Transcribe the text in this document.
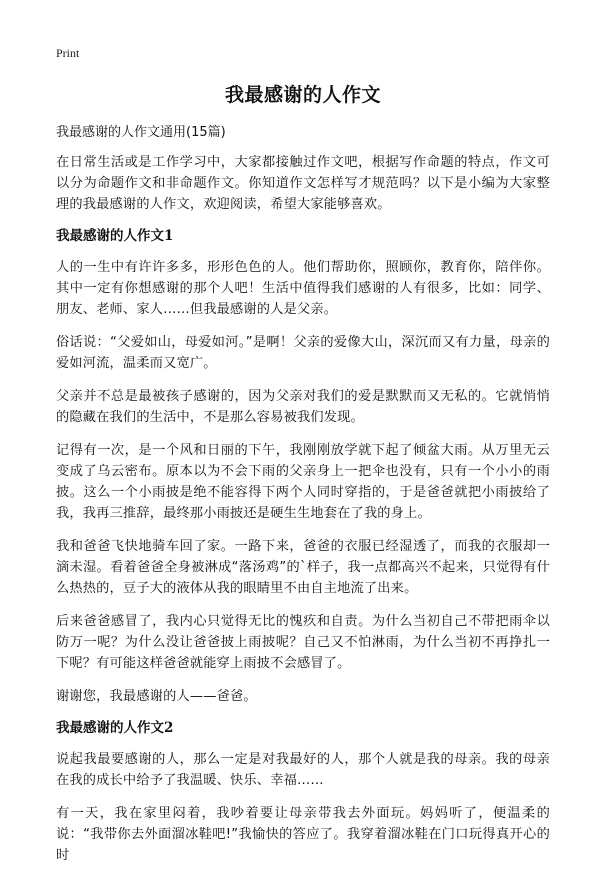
Print
我最感谢的人作文

我最感谢的人作文通用(15篇)

在日常生活或是工作学习中，大家都接触过作文吧，根据写作命题的特点，作文可以分为命题作文和非命题作文。你知道作文怎样写才规范吗？以下是小编为大家整理的我最感谢的人作文，欢迎阅读，希望大家能够喜欢。

我最感谢的人作文1

人的一生中有许许多多，形形色色的人。他们帮助你，照顾你，教育你，陪伴你。其中一定有你想感谢的那个人吧！生活中值得我们感谢的人有很多，比如：同学、朋友、老师、家人……但我最感谢的人是父亲。

俗话说：“父爱如山，母爱如河。”是啊！父亲的爱像大山，深沉而又有力量，母亲的爱如河流，温柔而又宽广。

父亲并不总是最被孩子感谢的，因为父亲对我们的爱是默默而又无私的。它就悄悄的隐藏在我们的生活中，不是那么容易被我们发现。

记得有一次，是一个风和日丽的下午，我刚刚放学就下起了倾盆大雨。从万里无云变成了乌云密布。原本以为不会下雨的父亲身上一把伞也没有，只有一个小小的雨披。这么一个小雨披是绝不能容得下两个人同时穿指的，于是爸爸就把小雨披给了我，我再三推辞，最终那小雨披还是硬生生地套在了我的身上。

我和爸爸飞快地骑车回了家。一路下来，爸爸的衣服已经湿透了，而我的衣服却一滴未湿。看着爸爸全身被淋成“落汤鸡”的`样子，我一点都高兴不起来，只觉得有什么热热的，豆子大的液体从我的眼睛里不由自主地流了出来。

后来爸爸感冒了，我内心只觉得无比的愧疚和自责。为什么当初自己不带把雨伞以防万一呢？为什么没让爸爸披上雨披呢？自己又不怕淋雨，为什么当初不再挣扎一下呢？有可能这样爸爸就能穿上雨披不会感冒了。

谢谢您，我最感谢的人——爸爸。

我最感谢的人作文2

说起我最要感谢的人，那么一定是对我最好的人，那个人就是我的母亲。我的母亲在我的成长中给予了我温暖、快乐、幸福……

有一天，我在家里闷着，我吵着要让母亲带我去外面玩。妈妈听了，便温柔的说：“我带你去外面溜冰鞋吧!”我愉快的答应了。我穿着溜冰鞋在门口玩得真开心的时
